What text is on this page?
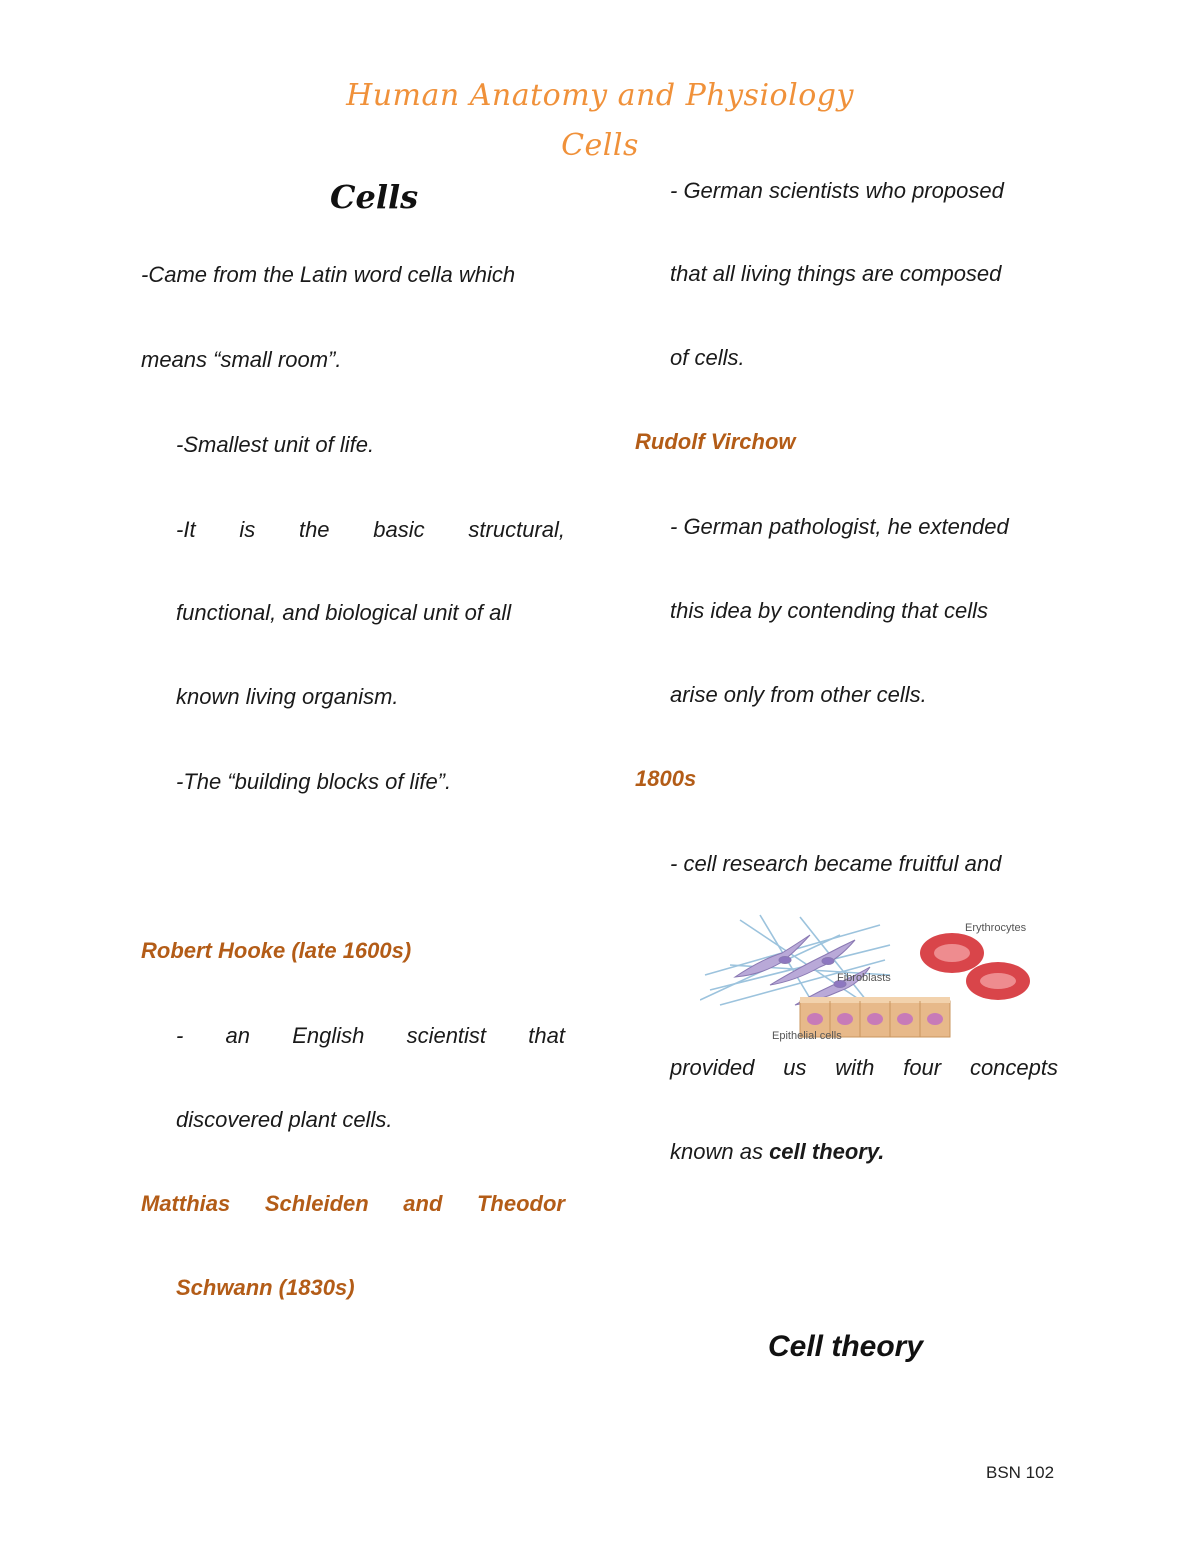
Human Anatomy and Physiology
Cells
Cells
-Came from the Latin word cella which
means “small room”.
-Smallest unit of life.
-It is the basic structural,
functional, and biological unit of all
known living organism.
-The “building blocks of life”.
Robert Hooke (late 1600s)
- an English scientist that
discovered plant cells.
Matthias Schleiden and Theodor
Schwann (1830s)
- German scientists who proposed
that all living things are composed
of cells.
Rudolf Virchow
- German pathologist, he extended
this idea by contending that cells
arise only from other cells.
1800s
- cell research became fruitful and
Erythrocytes
Fibroblasts
Epithelial cells
provided us with four concepts
known as cell theory.
Cell theory
BSN 102
